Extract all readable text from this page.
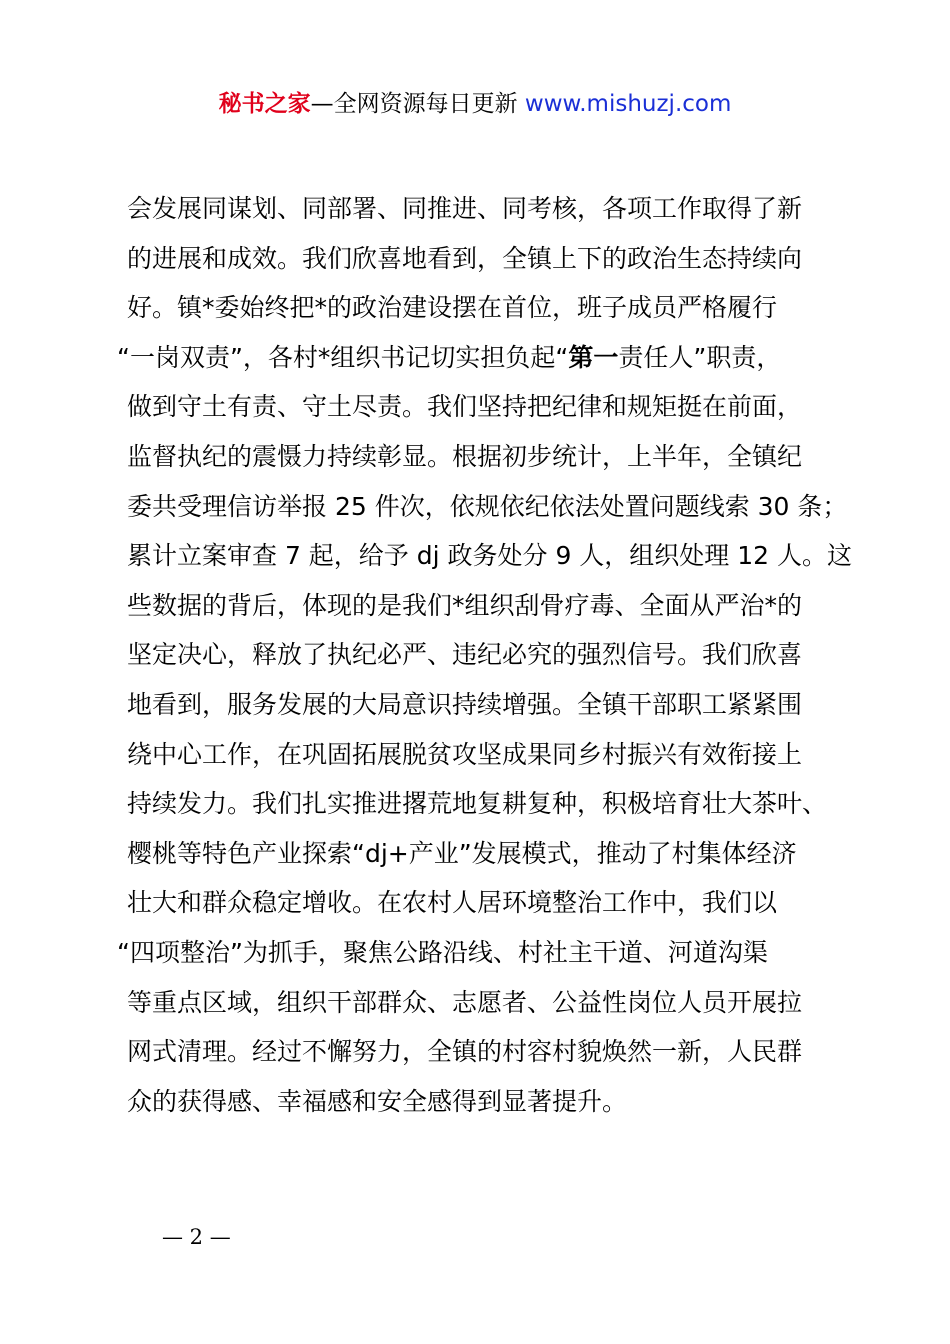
秘书之家—全网资源每日更新 www.mishuzj.com
会发展同谋划、同部署、同推进、同考核，各项工作取得了新
的进展和成效。我们欣喜地看到，全镇上下的政治生态持续向
好。镇*委始终把*的政治建设摆在首位，班子成员严格履行
“一岗双责”，各村*组织书记切实担负起“第一责任人”职责，
做到守土有责、守土尽责。我们坚持把纪律和规矩挺在前面，
监督执纪的震慑力持续彰显。根据初步统计，上半年，全镇纪
委共受理信访举报 25 件次，依规依纪依法处置问题线索 30 条；
累计立案审查 7 起，给予 dj 政务处分 9 人，组织处理 12 人。这
些数据的背后，体现的是我们*组织刮骨疗毒、全面从严治*的
坚定决心，释放了执纪必严、违纪必究的强烈信号。我们欣喜
地看到，服务发展的大局意识持续增强。全镇干部职工紧紧围
绕中心工作，在巩固拓展脱贫攻坚成果同乡村振兴有效衔接上
持续发力。我们扎实推进撂荒地复耕复种，积极培育壮大茶叶、
樱桃等特色产业探索“dj+产业”发展模式，推动了村集体经济
壮大和群众稳定增收。在农村人居环境整治工作中，我们以
“四项整治”为抓手，聚焦公路沿线、村社主干道、河道沟渠
等重点区域，组织干部群众、志愿者、公益性岗位人员开展拉
网式清理。经过不懈努力，全镇的村容村貌焕然一新，人民群
众的获得感、幸福感和安全感得到显著提升。
— 2 —
